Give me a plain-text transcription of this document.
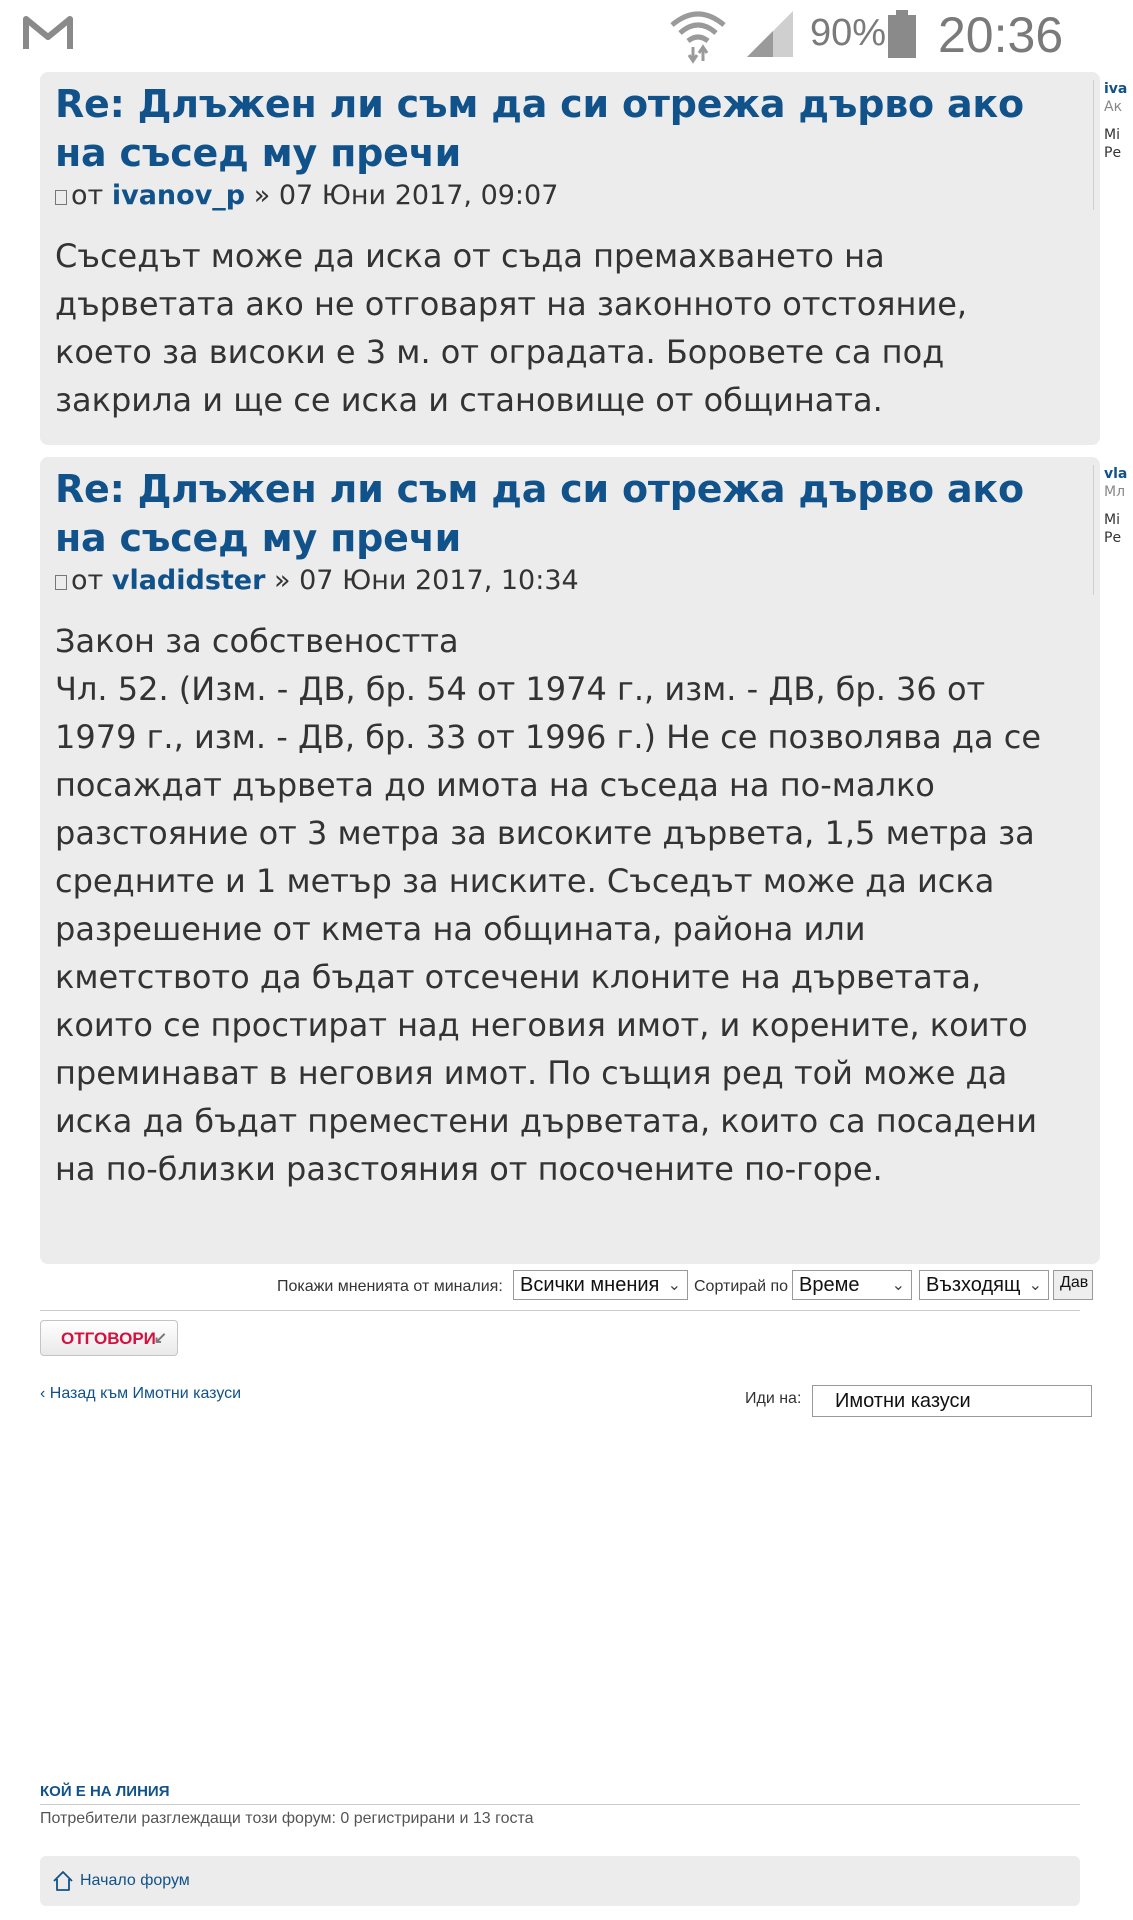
90% 20:36
Re: Длъжен ли съм да си отрежа дърво ако на съсед му пречи
от ivanov_p » 07 Юни 2017, 09:07
Съседът може да иска от съда премахването на дърветата ако не отговарят на законното отстояние, което за високи е 3 м. от оградата. Боровете са под закрила и ще се иска и становище от общината.
iva
Ак
Мі
Ре
Re: Длъжен ли съм да си отрежа дърво ако на съсед му пречи
от vladidster » 07 Юни 2017, 10:34
Закон за собствеността
Чл. 52. (Изм. - ДВ, бр. 54 от 1974 г., изм. - ДВ, бр. 36 от 1979 г., изм. - ДВ, бр. 33 от 1996 г.) Не се позволява да се посаждат дървета до имота на съседа на по-малко разстояние от 3 метра за високите дървета, 1,5 метра за средните и 1 метър за ниските. Съседът може да иска разрешение от кмета на общината, района или кметството да бъдат отсечени клоните на дърветата, които се простират над неговия имот, и корените, които преминават в неговия имот. По същия ред той може да иска да бъдат преместени дърветата, които са посадени на по-близки разстояния от посочените по-горе.
vla
Мл
Мі
Ре
Покажи мненията от миналия: Всички мнения ⌄ Сортирай по Време ⌄	Възходящ ⌄	Дав
ОТГОВОРИ
↙
‹ Назад към Имотни казуси	Иди на:	Имотни казуси
КОЙ Е НА ЛИНИЯ
Потребители разглеждащи този форум: 0 регистрирани и 13 госта
Начало форум
